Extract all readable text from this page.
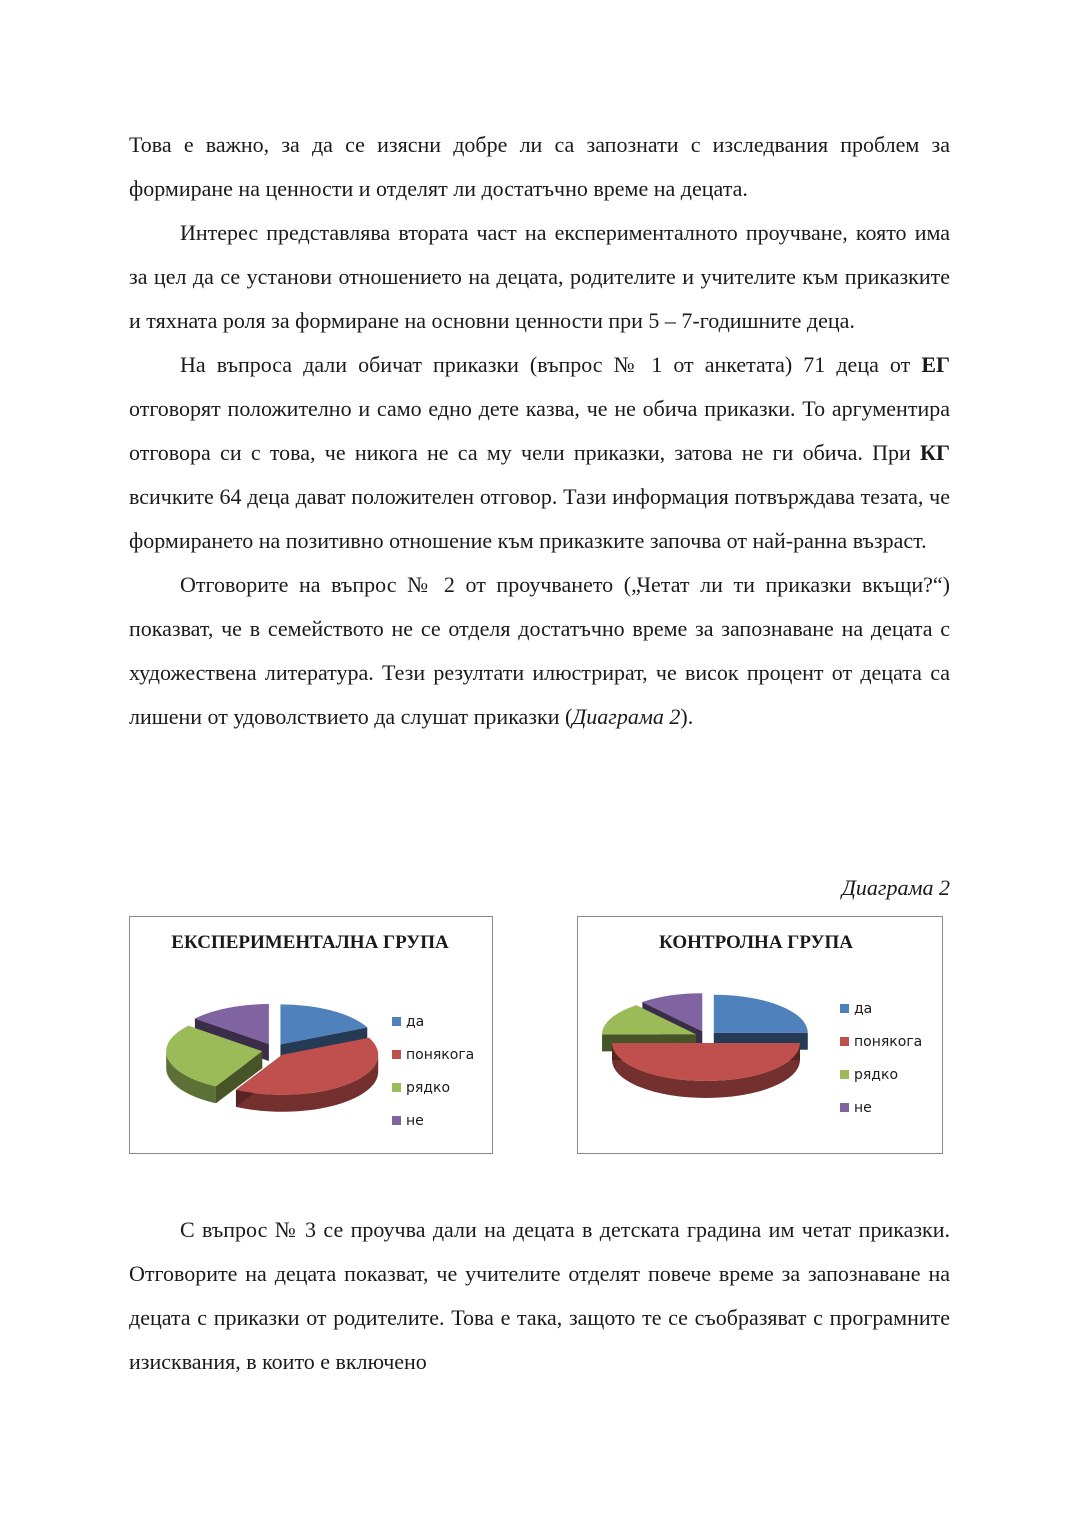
Това е важно, за да се изясни добре ли са запознати с изследвания проблем за формиране на ценности и отделят ли достатъчно време на децата.

Интерес представлява втората част на експерименталното проучване, която има за цел да се установи отношението на децата, родителите и учителите към приказките и тяхната роля за формиране на основни ценности при 5 – 7-годишните деца.

На въпроса дали обичат приказки (въпрос № 1 от анкетата) 71 деца от ЕГ отговорят положително и само едно дете казва, че не обича приказки. То аргументира отговора си с това, че никога не са му чели приказки, затова не ги обича. При КГ всичките 64 деца дават положителен отговор. Тази информация потвърждава тезата, че формирането на позитивно отношение към приказките започва от най-ранна възраст.

Отговорите на въпрос № 2 от проучването („Четат ли ти приказки вкъщи?“) показват, че в семейството не се отделя достатъчно време за запознаване на децата с художествена литература. Тези резултати илюстрират, че висок процент от децата са лишени от удоволствието да слушат приказки (Диаграма 2).

Диаграма 2
ЕКСПЕРИМЕНТАЛНА ГРУПА
да
понякога
рядко
не
КОНТРОЛНА ГРУПА
да
понякога
рядко
не

С въпрос № 3 се проучва дали на децата в детската градина им четат приказки. Отговорите на децата показват, че учителите отделят повече време за запознаване на децата с приказки от родителите. Това е така, защото те се съобразяват с програмните изисквания, в които е включено
